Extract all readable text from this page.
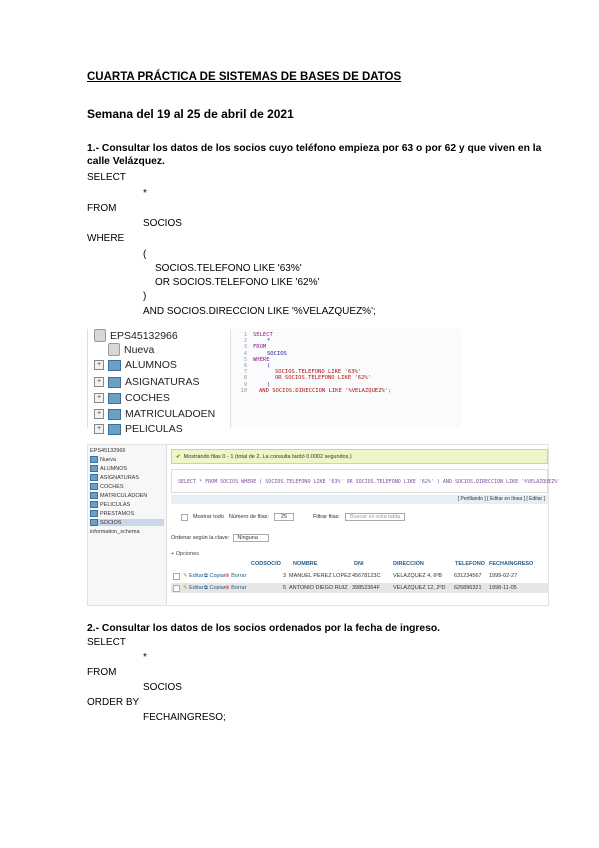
CUARTA PRÁCTICA DE SISTEMAS DE BASES DE DATOS
Semana del 19 al 25 de abril de 2021
1.- Consultar los datos de los socios cuyo teléfono empieza por 63 o por 62 y que viven en la calle Velázquez.
SELECT
*
FROM
SOCIOS
WHERE
(
SOCIOS.TELEFONO LIKE '63%'
OR SOCIOS.TELEFONO LIKE '62%'
)
AND SOCIOS.DIRECCION LIKE '%VELAZQUEZ%';
EPS45132966
Nueva
+ ALUMNOS
+ ASIGNATURAS
+ COCHES
+ MATRICULADOEN
+ PELICULAS
1
2
3
4
5
6
7
8
9
10
SELECT
*
FROM
SOCIOS
WHERE
(
SOCIOS.TELEFONO LIKE '63%'
OR SOCIOS.TELEFONO LIKE '62%'
)
AND SOCIOS.DIRECCION LIKE '%VELAZQUEZ%';
EPS45132966
Nueva
ALUMNOS
ASIGNATURAS
COCHES
MATRICULADOEN
PELICULAS
PRESTAMOS
SOCIOS
information_schema
✔ Mostrando filas 0 - 1 (total de 2, La consulta tardó 0.0002 segundos.)
SELECT * FROM SOCIOS WHERE ( SOCIOS.TELEFONO LIKE '63%' OR SOCIOS.TELEFONO LIKE '62%' ) AND SOCIOS.DIRECCION LIKE '%VELAZQUEZ%'
[ Perfilando ] [ Editar en línea ] [ Editar ]
Mostrar todo Número de filas:	25	Filtrar filas:	Buscar en esta tabla
Ordenar según la clave:	Ninguna
+ Opciones
CODSOCIO NOMBRE	DNI	DIRECCION	TELEFONO FECHAINGRESO
✎ Editar ⧉ Copiar ⊗ Borrar	3 MANUEL PEREZ LOPEZ 45678123C	VELAZQUEZ 4, 6ºB	631234567	1999-02-27
✎ Editar ⧉ Copiar ⊗ Borrar	5 ANTONIO DIEGO RUIZ 39852364F	VELAZQUEZ 12, 2ºD	625896321	1998-11-05
2.- Consultar los datos de los socios ordenados por la fecha de ingreso.
SELECT
*
FROM
SOCIOS
ORDER BY
FECHAINGRESO;
